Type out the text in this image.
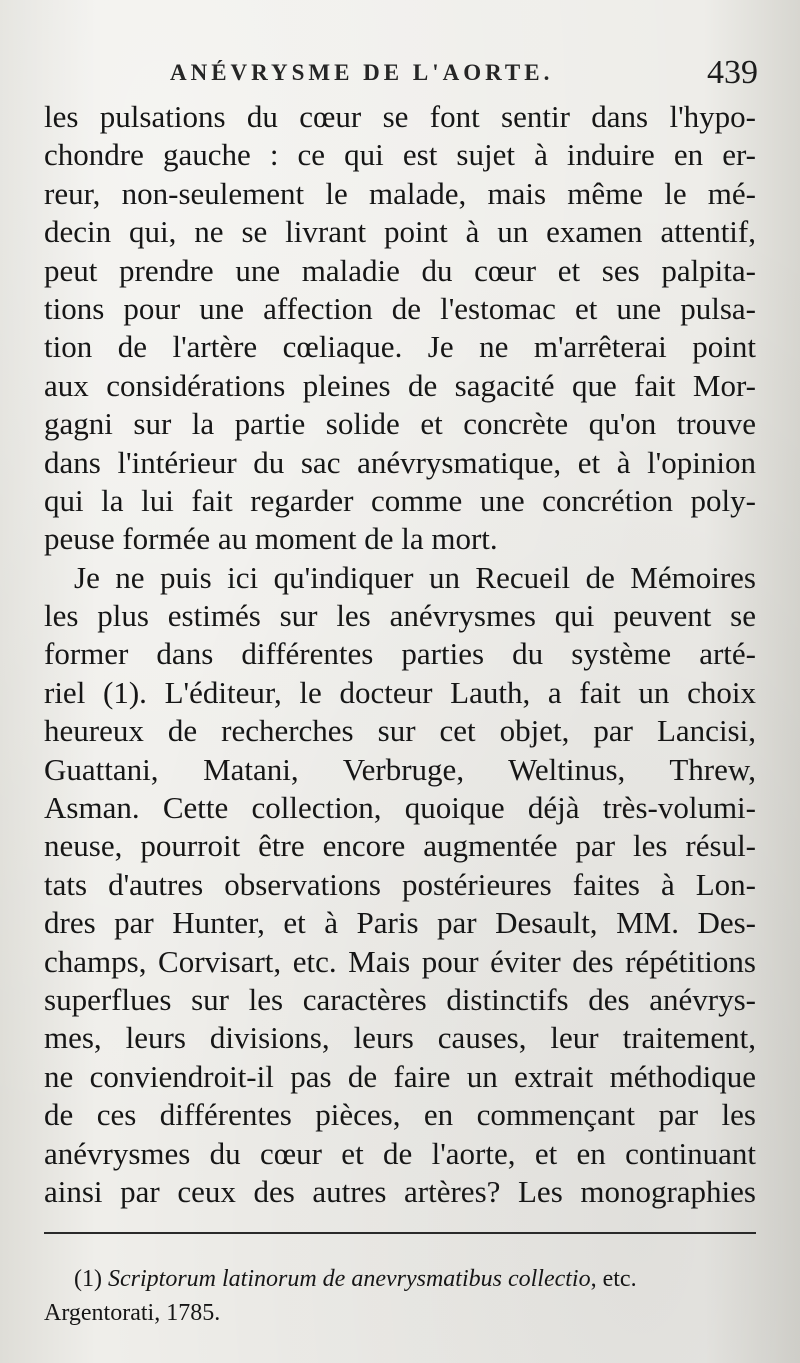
ANÉVRYSME DE L'AORTE.	439
les pulsations du cœur se font sentir dans l'hypo-
chondre gauche : ce qui est sujet à induire en er-
reur, non-seulement le malade, mais même le mé-
decin qui, ne se livrant point à un examen attentif,
peut prendre une maladie du cœur et ses palpita-
tions pour une affection de l'estomac et une pulsa-
tion de l'artère cœliaque. Je ne m'arrêterai point
aux considérations pleines de sagacité que fait Mor-
gagni sur la partie solide et concrète qu'on trouve
dans l'intérieur du sac anévrysmatique, et à l'opinion
qui la lui fait regarder comme une concrétion poly-
peuse formée au moment de la mort.
Je ne puis ici qu'indiquer un Recueil de Mémoires
les plus estimés sur les anévrysmes qui peuvent se
former dans différentes parties du système arté-
riel (1). L'éditeur, le docteur Lauth, a fait un choix
heureux de recherches sur cet objet, par Lancisi,
Guattani, Matani, Verbruge, Weltinus, Threw,
Asman. Cette collection, quoique déjà très-volumi-
neuse, pourroit être encore augmentée par les résul-
tats d'autres observations postérieures faites à Lon-
dres par Hunter, et à Paris par Desault, MM. Des-
champs, Corvisart, etc. Mais pour éviter des répétitions
superflues sur les caractères distinctifs des anévrys-
mes, leurs divisions, leurs causes, leur traitement,
ne conviendroit-il pas de faire un extrait méthodique
de ces différentes pièces, en commençant par les
anévrysmes du cœur et de l'aorte, et en continuant
ainsi par ceux des autres artères? Les monographies
(1) Scriptorum latinorum de anevrysmatibus collectio, etc.
Argentorati, 1785.
